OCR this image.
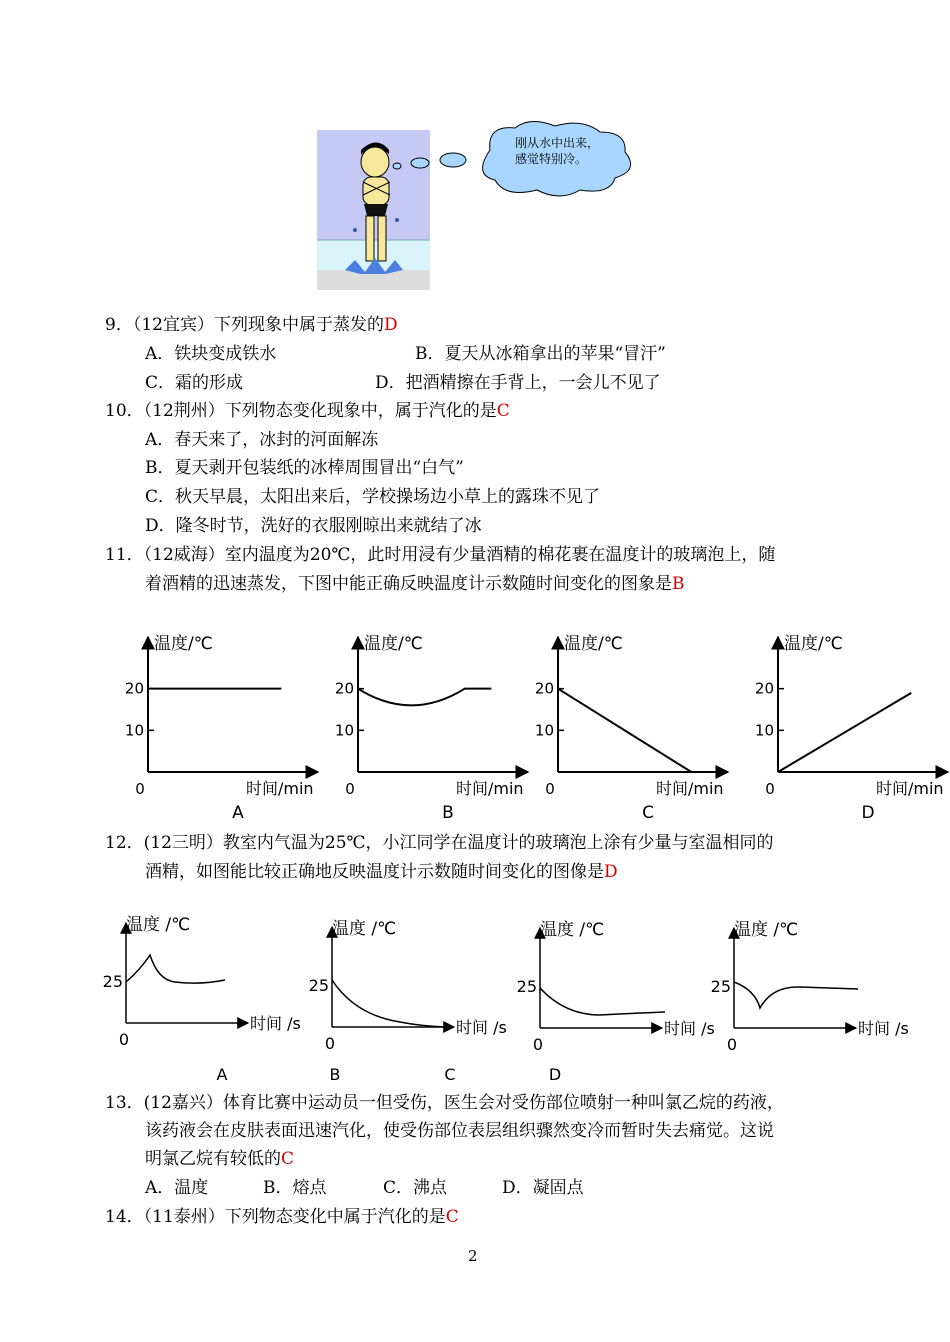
刚从水中出来，
感觉特别冷。
9．（12宜宾）下列现象中属于蒸发的D
A．铁块变成铁水	B．夏天从冰箱拿出的苹果“冒汗”
C．霜的形成	D．把酒精擦在手背上，一会儿不见了
10．（12荆州）下列物态变化现象中，属于汽化的是C
A．春天来了，冰封的河面解冻
B．夏天剥开包装纸的冰棒周围冒出“白气”
C．秋天早晨，太阳出来后，学校操场边小草上的露珠不见了
D．隆冬时节，洗好的衣服刚晾出来就结了冰
11．（12威海）室内温度为20℃，此时用浸有少量酒精的棉花裹在温度计的玻璃泡上，随
着酒精的迅速蒸发，下图中能正确反映温度计示数随时间变化的图象是B
温度/℃
时间/min
0
20
10
A
温度/℃
时间/min
0
20
10
B
温度/℃
时间/min
0
20
10
C
温度/℃
时间/min
0
20
10
D
12．(12三明）教室内气温为25℃，小江同学在温度计的玻璃泡上涂有少量与室温相同的
酒精，如图能比较正确地反映温度计示数随时间变化的图像是D
温度 /℃
时间 /s
0
25
温度 /℃
时间 /s
0
25
温度 /℃
时间 /s
0
25
温度 /℃
时间 /s
0
25
A	B	C	D
13．(12嘉兴）体育比赛中运动员一但受伤，医生会对受伤部位喷射一种叫氯乙烷的药液，
该药液会在皮肤表面迅速汽化，使受伤部位表层组织骤然变冷而暂时失去痛觉。这说
明氯乙烷有较低的C
A．温度	B．熔点	C．沸点	D．凝固点
14．（11泰州）下列物态变化中属于汽化的是C
2
